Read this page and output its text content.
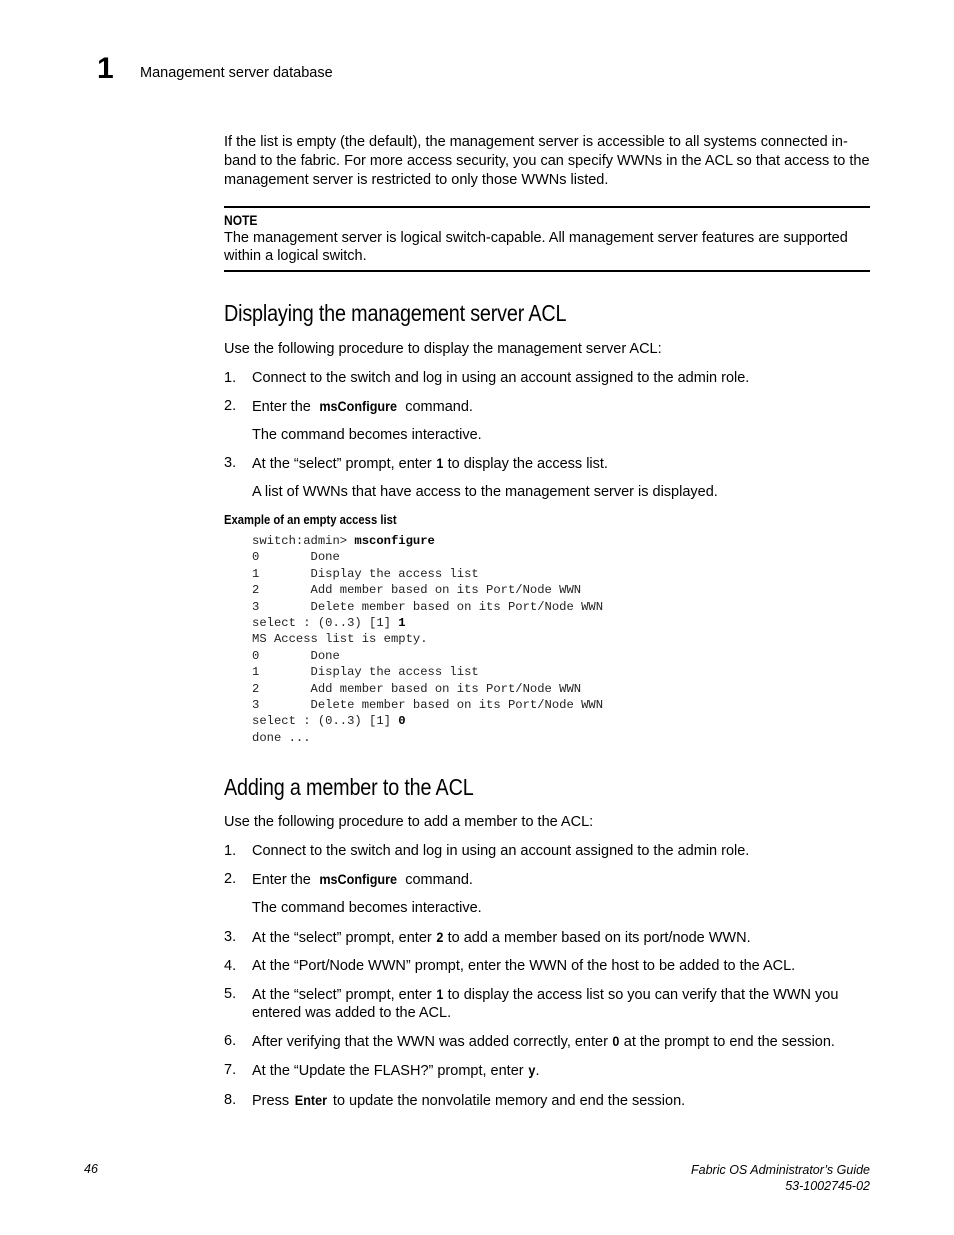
1 Management server database

If the list is empty (the default), the management server is accessible to all systems connected in-band to the fabric. For more access security, you can specify WWNs in the ACL so that access to the management server is restricted to only those WWNs listed.

NOTE

The management server is logical switch-capable. All management server features are supported within a logical switch.

Displaying the management server ACL

Use the following procedure to display the management server ACL:

1. Connect to the switch and log in using an account assigned to the admin role.
2. Enter the msConfigure command.
The command becomes interactive.
3. At the “select” prompt, enter 1 to display the access list.
A list of WWNs that have access to the management server is displayed.
Example of an empty access list
switch:admin> msconfigure
0       Done
1       Display the access list
2       Add member based on its Port/Node WWN
3       Delete member based on its Port/Node WWN
select : (0..3) [1] 1
MS Access list is empty.
0       Done
1       Display the access list
2       Add member based on its Port/Node WWN
3       Delete member based on its Port/Node WWN
select : (0..3) [1] 0
done ...
Adding a member to the ACL

Use the following procedure to add a member to the ACL:

1. Connect to the switch and log in using an account assigned to the admin role.
2. Enter the msConfigure command.
The command becomes interactive.
3. At the “select” prompt, enter 2 to add a member based on its port/node WWN.
4. At the “Port/Node WWN” prompt, enter the WWN of the host to be added to the ACL.
5. At the “select” prompt, enter 1 to display the access list so you can verify that the WWN you entered was added to the ACL.
6. After verifying that the WWN was added correctly, enter 0 at the prompt to end the session.
7. At the “Update the FLASH?” prompt, enter y.
8. Press Enter to update the nonvolatile memory and end the session.
46	Fabric OS Administrator’s Guide
53-1002745-02
